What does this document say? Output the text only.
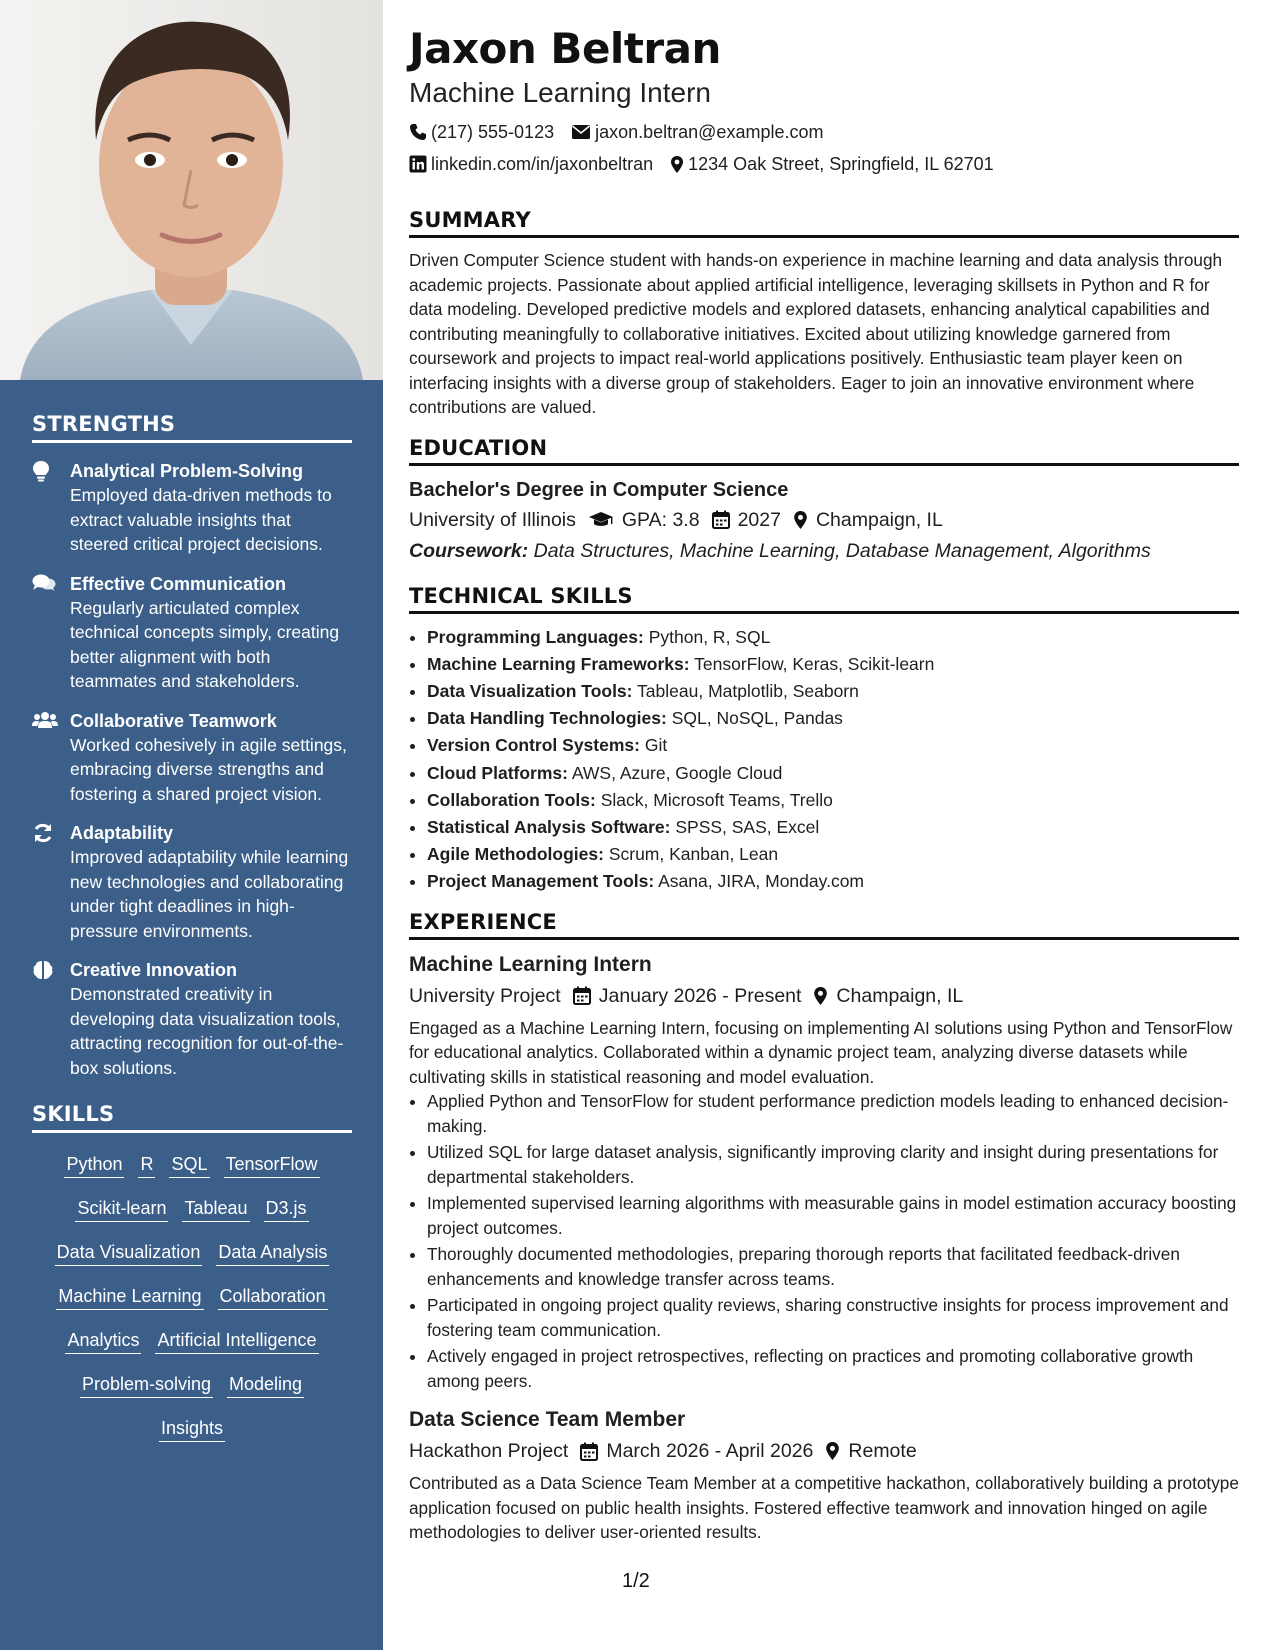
STRENGTHS
Analytical Problem-Solving
Employed data-driven methods to extract valuable insights that steered critical project decisions.
Effective Communication
Regularly articulated complex technical concepts simply, creating better alignment with both teammates and stakeholders.
Collaborative Teamwork
Worked cohesively in agile settings, embracing diverse strengths and fostering a shared project vision.
Adaptability
Improved adaptability while learning new technologies and collaborating under tight deadlines in high-pressure environments.
Creative Innovation
Demonstrated creativity in developing data visualization tools, attracting recognition for out-of-the-box solutions.
SKILLS
Python R SQL TensorFlow
Scikit-learn Tableau D3.js
Data Visualization Data Analysis
Machine Learning Collaboration
Analytics Artificial Intelligence
Problem-solving Modeling
Insights
Jaxon Beltran
Machine Learning Intern
(217) 555-0123 jaxon.beltran@example.com
linkedin.com/in/jaxonbeltran 1234 Oak Street, Springfield, IL 62701
SUMMARY

Driven Computer Science student with hands-on experience in machine learning and data analysis through academic projects. Passionate about applied artificial intelligence, leveraging skillsets in Python and R for data modeling. Developed predictive models and explored datasets, enhancing analytical capabilities and contributing meaningfully to collaborative initiatives. Excited about utilizing knowledge garnered from coursework and projects to impact real-world applications positively. Enthusiastic team player keen on interfacing insights with a diverse group of stakeholders. Eager to join an innovative environment where contributions are valued.

EDUCATION
Bachelor's Degree in Computer Science
University of Illinois GPA: 3.8 2027 Champaign, IL
Coursework: Data Structures, Machine Learning, Database Management, Algorithms
TECHNICAL SKILLS
• Programming Languages: Python, R, SQL
• Machine Learning Frameworks: TensorFlow, Keras, Scikit-learn
• Data Visualization Tools: Tableau, Matplotlib, Seaborn
• Data Handling Technologies: SQL, NoSQL, Pandas
• Version Control Systems: Git
• Cloud Platforms: AWS, Azure, Google Cloud
• Collaboration Tools: Slack, Microsoft Teams, Trello
• Statistical Analysis Software: SPSS, SAS, Excel
• Agile Methodologies: Scrum, Kanban, Lean
• Project Management Tools: Asana, JIRA, Monday.com
EXPERIENCE
Machine Learning Intern
University Project January 2026 - Present Champaign, IL

Engaged as a Machine Learning Intern, focusing on implementing AI solutions using Python and TensorFlow for educational analytics. Collaborated within a dynamic project team, analyzing diverse datasets while cultivating skills in statistical reasoning and model evaluation.

• Applied Python and TensorFlow for student performance prediction models leading to enhanced decision-making.
• Utilized SQL for large dataset analysis, significantly improving clarity and insight during presentations for departmental stakeholders.
• Implemented supervised learning algorithms with measurable gains in model estimation accuracy boosting project outcomes.
• Thoroughly documented methodologies, preparing thorough reports that facilitated feedback-driven enhancements and knowledge transfer across teams.
• Participated in ongoing project quality reviews, sharing constructive insights for process improvement and fostering team communication.
• Actively engaged in project retrospectives, reflecting on practices and promoting collaborative growth among peers.
Data Science Team Member
Hackathon Project March 2026 - April 2026 Remote

Contributed as a Data Science Team Member at a competitive hackathon, collaboratively building a prototype application focused on public health insights. Fostered effective teamwork and innovation hinged on agile methodologies to deliver user-oriented results.

1/2
